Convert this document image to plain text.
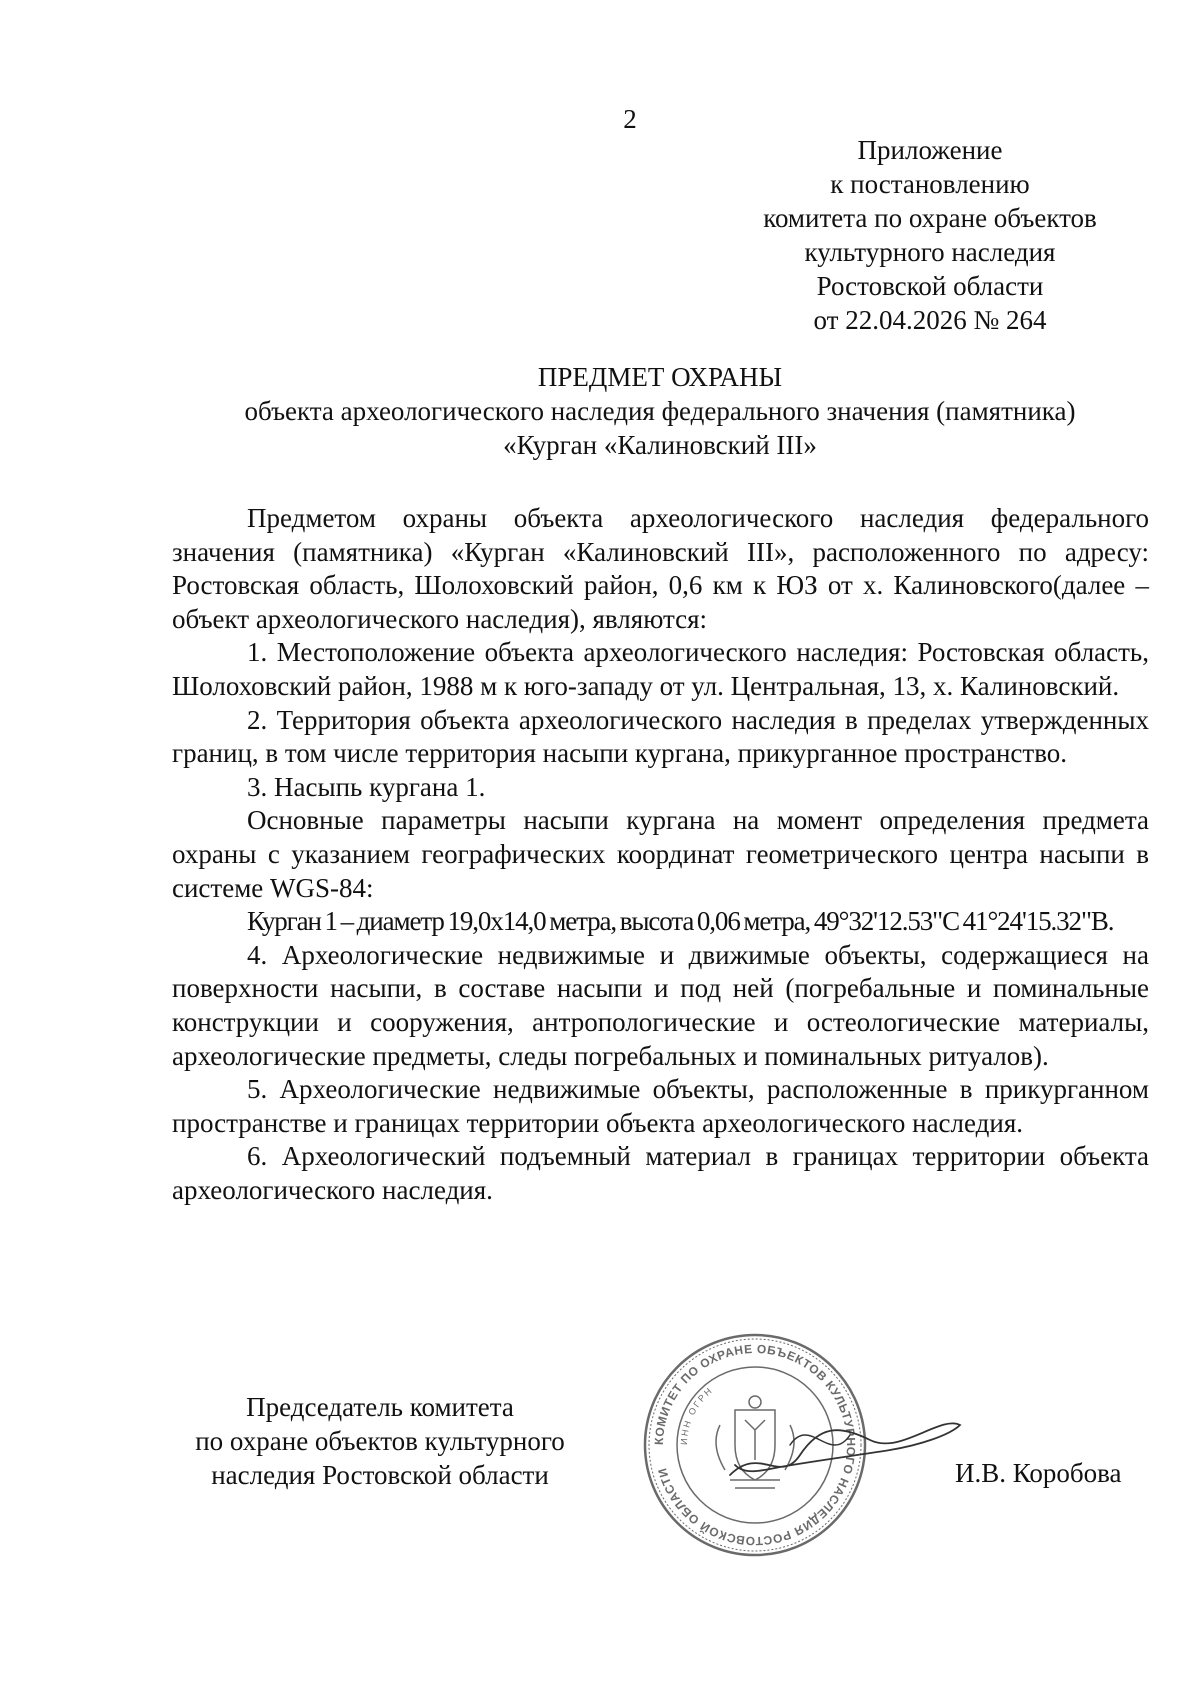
2
Приложение
к постановлению
комитета по охране объектов
культурного наследия
Ростовской области
от 22.04.2026 № 264
ПРЕДМЕТ ОХРАНЫ
объекта археологического наследия федерального значения (памятника)
«Курган «Калиновский III»

Предметом охраны объекта археологического наследия федерального значения (памятника) «Курган «Калиновский III», расположенного по адресу: Ростовская область, Шолоховский район, 0,6 км к ЮЗ от х. Калиновского(далее – объект археологического наследия), являются:

1. Местоположение объекта археологического наследия: Ростовская область, Шолоховский район, 1988 м к юго-западу от ул. Центральная, 13, х. Калиновский.

2. Территория объекта археологического наследия в пределах утвержденных границ, в том числе территория насыпи кургана, прикурганное пространство.

3. Насыпь кургана 1.

Основные параметры насыпи кургана на момент определения предмета охраны с указанием географических координат геометрического центра насыпи в системе WGS-84:

Курган 1 – диаметр 19,0х14,0 метра, высота 0,06 метра, 49°32'12.53"С 41°24'15.32"В.

4. Археологические недвижимые и движимые объекты, содержащиеся на поверхности насыпи, в составе насыпи и под ней (погребальные и поминальные конструкции и сооружения, антропологические и остеологические материалы, археологические предметы, следы погребальных и поминальных ритуалов).

5. Археологические недвижимые объекты, расположенные в прикурганном пространстве и границах территории объекта археологического наследия.

6. Археологический подъемный материал в границах территории объекта археологического наследия.

Председатель комитета
по охране объектов культурного
наследия Ростовской области
КОМИТЕТ ПО ОХРАНЕ ОБЪЕКТОВ КУЛЬТУРНОГО НАСЛЕДИЯ РОСТОВСКОЙ ОБЛАСТИ
ИНН ОГРН
И.В. Коробова
